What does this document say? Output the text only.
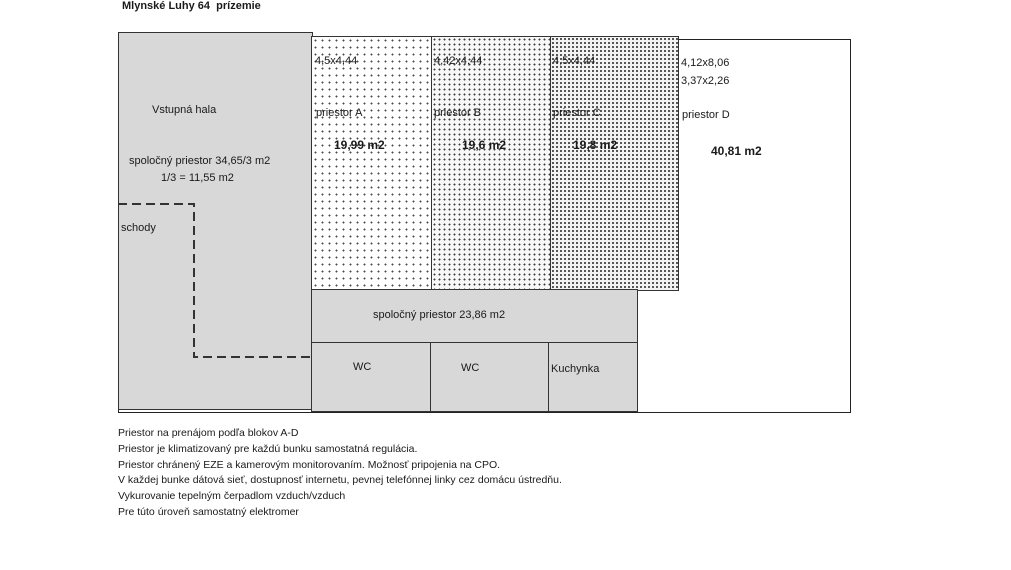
Mlynské Luhy 64  prízemie
Vstupná hala
spoločný priestor 34,65/3 m2
1/3 = 11,55 m2
schody
4,5x4,44
priestor A
19,99 m2
4,42x4,44
priestor B
19,6 m2
4,5x4,44
priestor C
19,8 m2
4,12x8,06
3,37x2,26
priestor D
40,81 m2
spoločný priestor 23,86 m2
WC	WC	Kuchynka
Priestor na prenájom podľa blokov A-D
Priestor je klimatizovaný pre každú bunku samostatná regulácia.
Priestor chránený EZE a kamerovým monitorovaním. Možnosť pripojenia na CPO.
V každej bunke dátová sieť, dostupnosť internetu, pevnej telefónnej linky cez domácu ústredňu.
Vykurovanie tepelným čerpadlom vzduch/vzduch
Pre túto úroveň samostatný elektromer
